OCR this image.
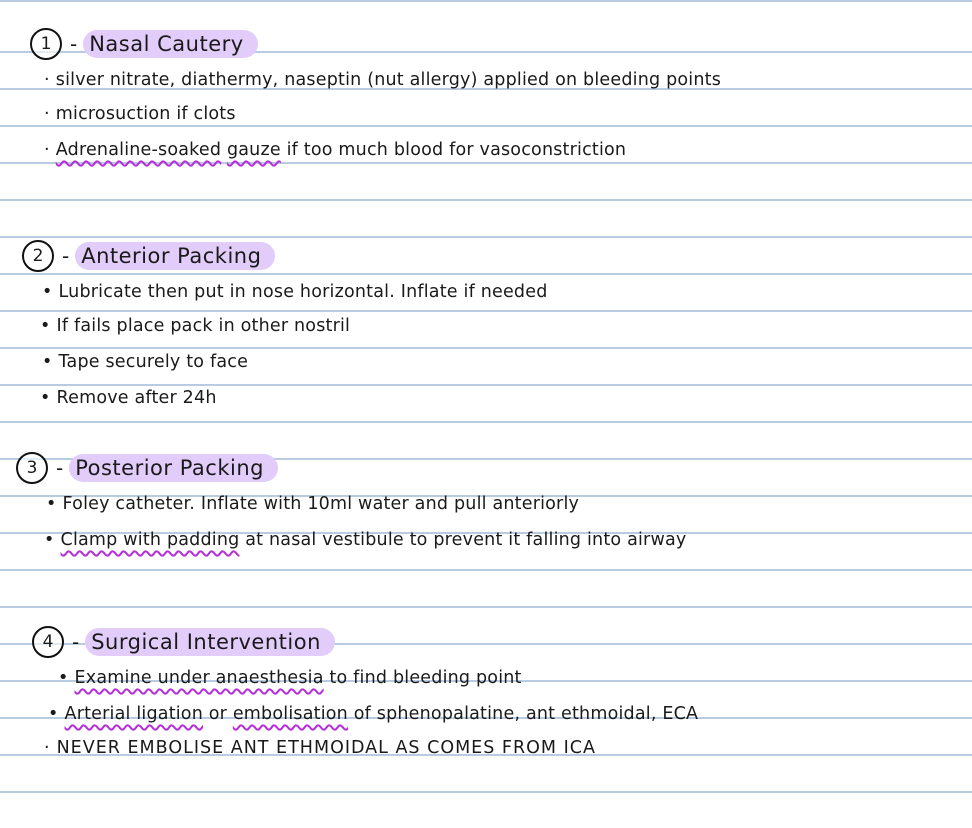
1 - Nasal Cautery
· silver nitrate, diathermy, naseptin (nut allergy) applied on bleeding points
· microsuction if clots
· Adrenaline-soaked gauze if too much blood for vasoconstriction
2 - Anterior Packing
• Lubricate then put in nose horizontal. Inflate if needed
• If fails place pack in other nostril
• Tape securely to face
• Remove after 24h
3 - Posterior Packing
• Foley catheter. Inflate with 10ml water and pull anteriorly
• Clamp with padding at nasal vestibule to prevent it falling into airway
4 - Surgical Intervention
• Examine under anaesthesia to find bleeding point
• Arterial ligation or embolisation of sphenopalatine, ant ethmoidal, ECA
· NEVER EMBOLISE ANT ETHMOIDAL AS COMES FROM ICA
